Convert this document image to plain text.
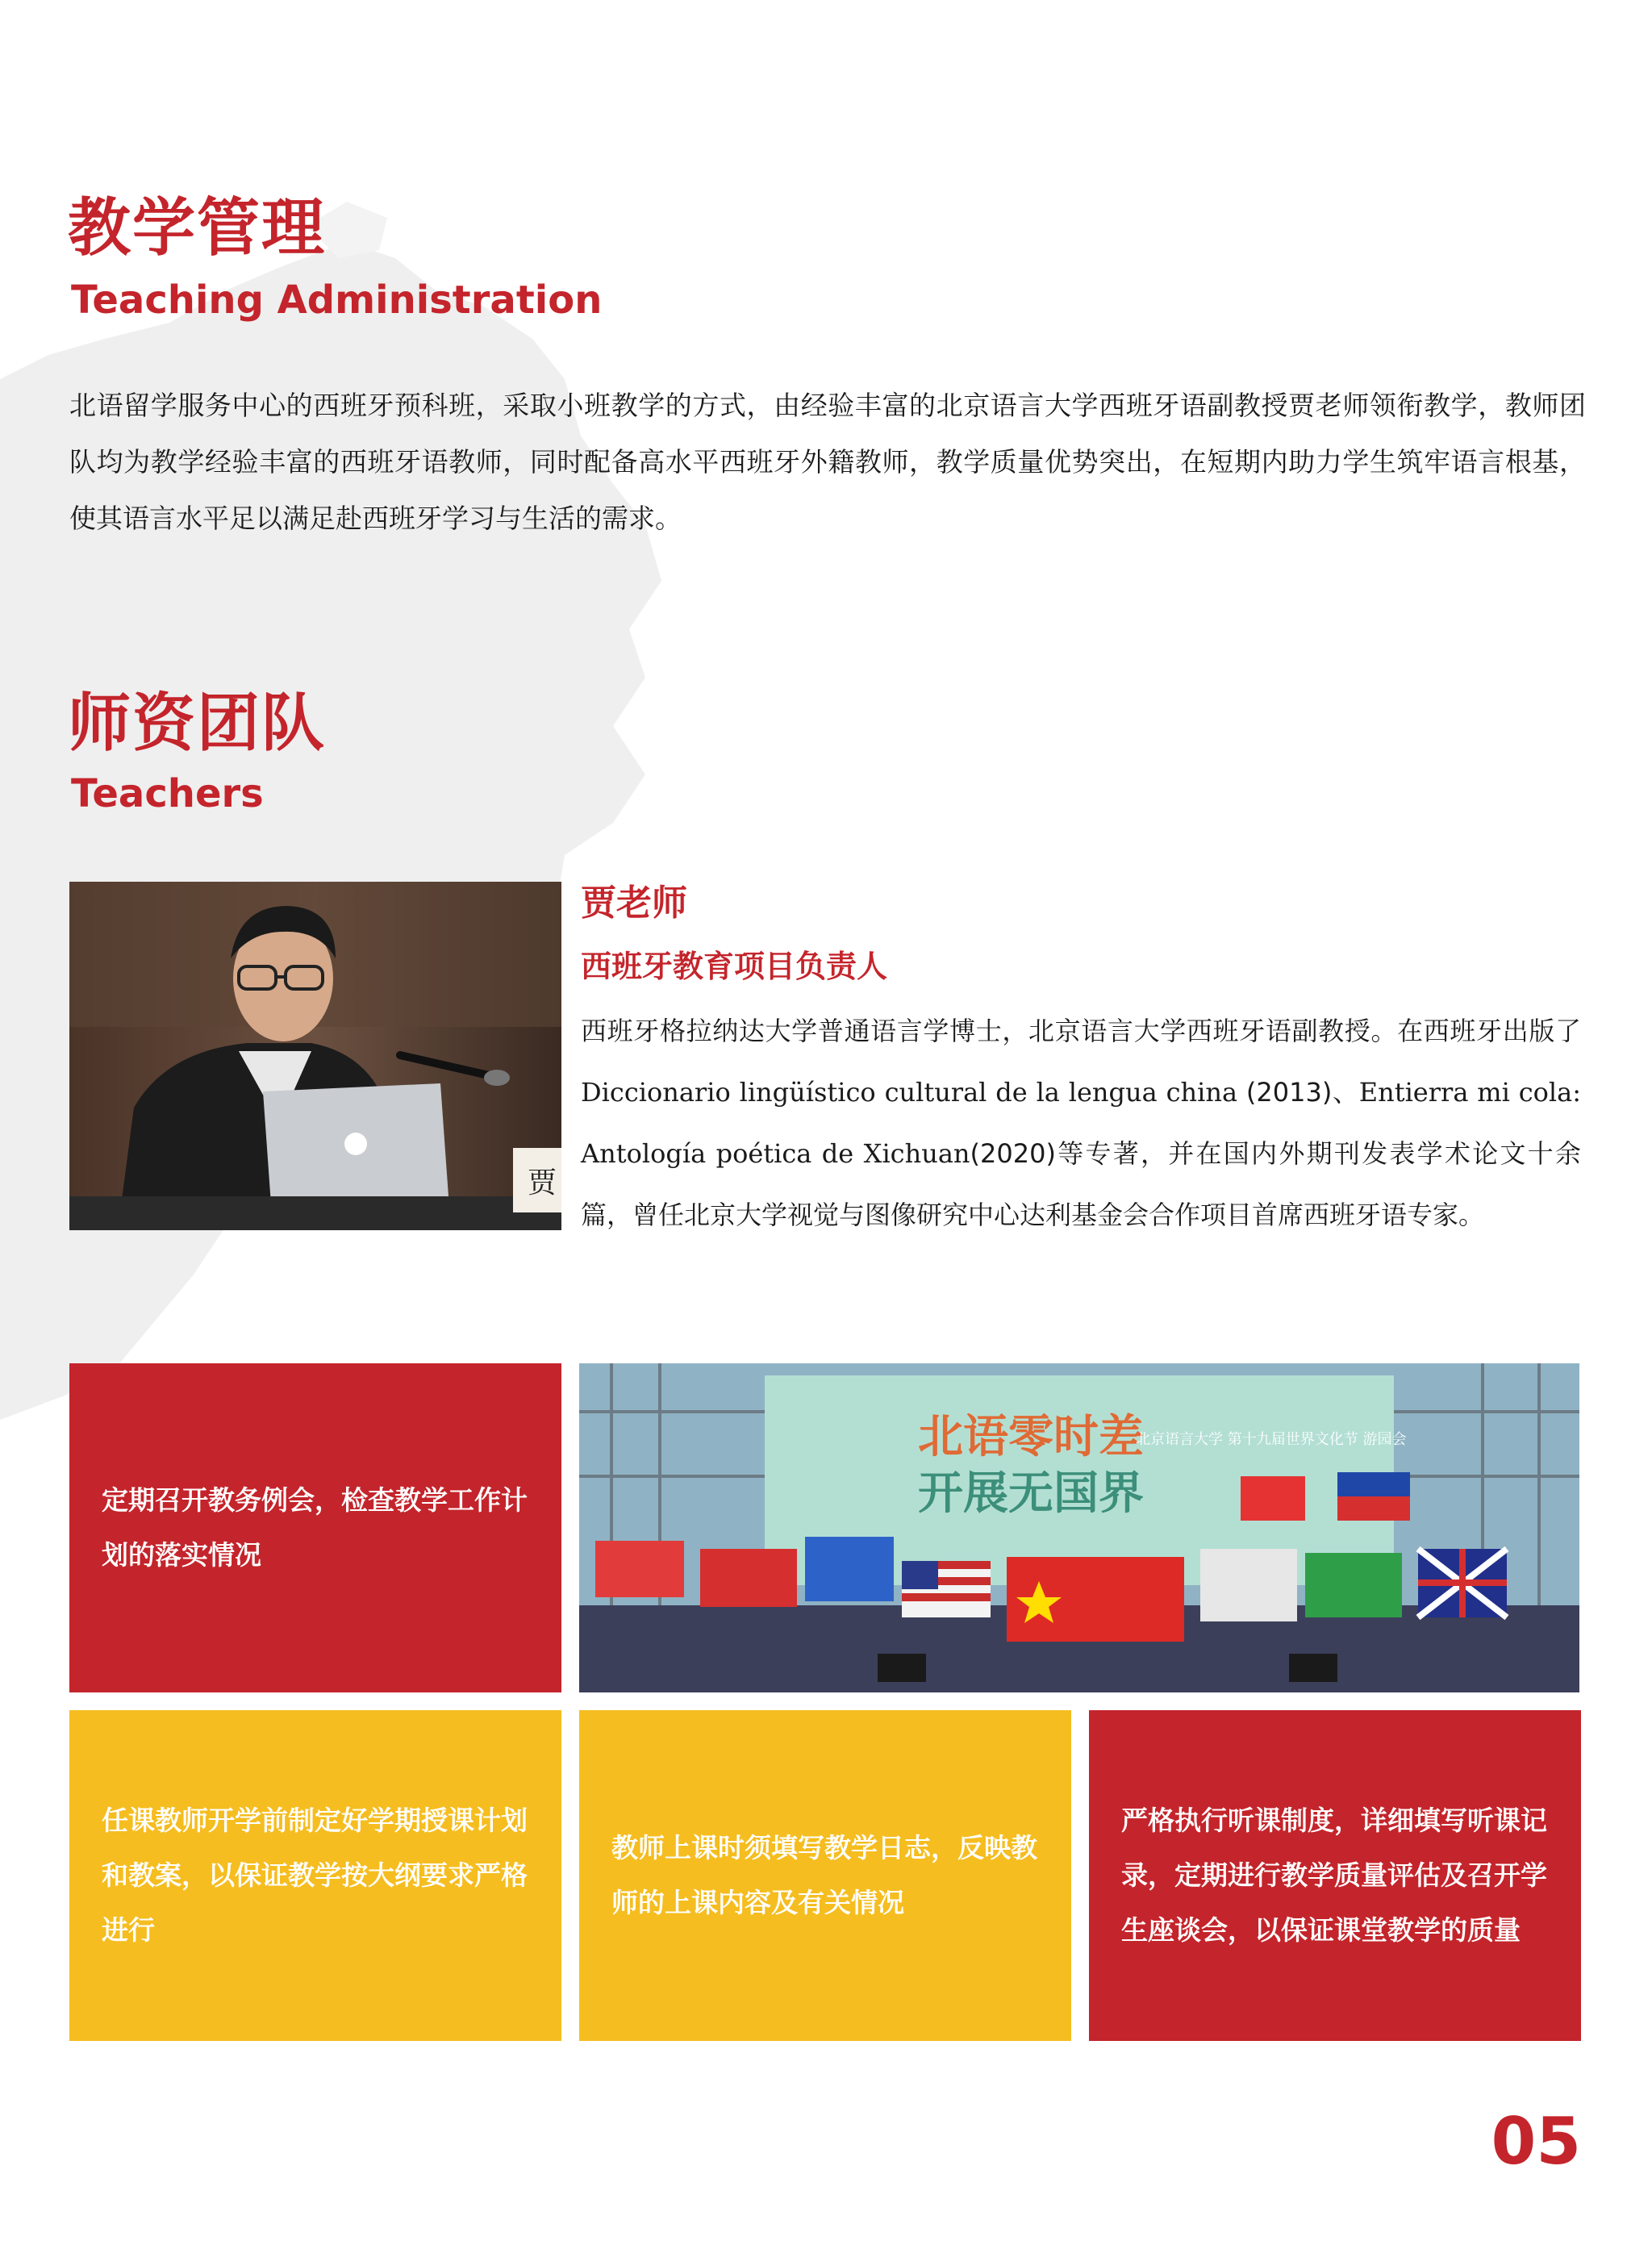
教学管理
Teaching Administration
北语留学服务中心的西班牙预科班，采取小班教学的方式，由经验丰富的北京语言大学西班牙语副教授贾老师领衔教学，教师团队均为教学经验丰富的西班牙语教师，同时配备高水平西班牙外籍教师，教学质量优势突出，在短期内助力学生筑牢语言根基，使其语言水平足以满足赴西班牙学习与生活的需求。
师资团队
Teachers
贾
贾老师
西班牙教育项目负责人
西班牙格拉纳达大学普通语言学博士，北京语言大学西班牙语副教授。在西班牙出版了Diccionario lingüístico cultural de la lengua china (2013)、Entierra mi cola: Antología poética de Xichuan(2020)等专著，并在国内外期刊发表学术论文十余篇，曾任北京大学视觉与图像研究中心达利基金会合作项目首席西班牙语专家。
定期召开教务例会，检查教学工作计划的落实情况
北语零时差
开展无国界
北京语言大学 第十九届世界文化节 游园会
任课教师开学前制定好学期授课计划和教案，以保证教学按大纲要求严格进行
教师上课时须填写教学日志，反映教师的上课内容及有关情况
严格执行听课制度，详细填写听课记录，定期进行教学质量评估及召开学生座谈会，以保证课堂教学的质量
05
